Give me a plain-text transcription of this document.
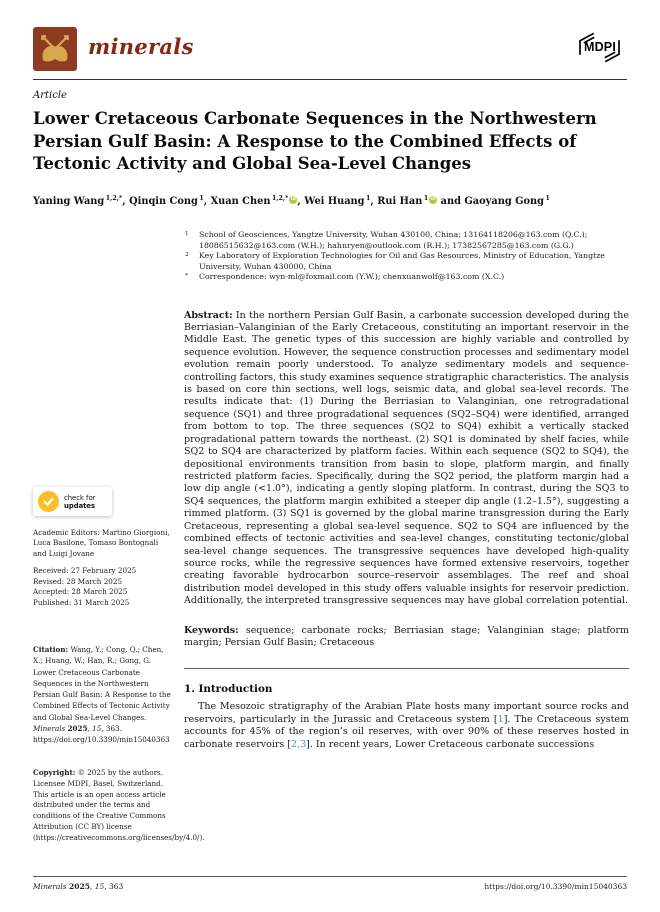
minerals	MDPI
Article
Lower Cretaceous Carbonate Sequences in the Northwestern Persian Gulf Basin: A Response to the Combined Effects of Tectonic Activity and Global Sea-Level Changes
Yaning Wang $^{1,2,*}$, Qinqin Cong $^1$, Xuan Chen $^{1,2,*}$ iD, Wei Huang $^1$, Rui Han $^1$ iD and Gaoyang Gong $^1$
1 School of Geosciences, Yangtze University, Wuhan 430100, China; 13164118206@163.com (Q.C.); 18086515632@163.com (W.H.); hahnryen@outlook.com (R.H.); 17382567285@163.com (G.G.)
2 Key Laboratory of Exploration Technologies for Oil and Gas Resources, Ministry of Education, Yangtze University, Wuhan 430000, China
* Correspondence: wyn-ml@foxmail.com (Y.W.); chenxuanwolf@163.com (X.C.)

Abstract: In the northern Persian Gulf Basin, a carbonate succession developed during the Berriasian–Valanginian of the Early Cretaceous, constituting an important reservoir in the Middle East. The genetic types of this succession are highly variable and controlled by sequence evolution. However, the sequence construction processes and sedimentary model evolution remain poorly understood. To analyze sedimentary models and sequence-controlling factors, this study examines sequence stratigraphic characteristics. The analysis is based on core thin sections, well logs, seismic data, and global sea-level records. The results indicate that: (1) During the Berriasian to Valanginian, one retrogradational sequence (SQ1) and three progradational sequences (SQ2–SQ4) were identified, arranged from bottom to top. The three sequences (SQ2 to SQ4) exhibit a vertically stacked progradational pattern towards the northeast. (2) SQ1 is dominated by shelf facies, while SQ2 to SQ4 are characterized by platform facies. Within each sequence (SQ2 to SQ4), the depositional environments transition from basin to slope, platform margin, and finally restricted platform facies. Specifically, during the SQ2 period, the platform margin had a low dip angle (<1.0°), indicating a gently sloping platform. In contrast, during the SQ3 to SQ4 sequences, the platform margin exhibited a steeper dip angle (1.2–1.5°), suggesting a rimmed platform. (3) SQ1 is governed by the global marine transgression during the Early Cretaceous, representing a global sea-level sequence. SQ2 to SQ4 are influenced by the combined effects of tectonic activities and sea-level changes, constituting tectonic/global sea-level change sequences. The transgressive sequences have developed high-quality source rocks, while the regressive sequences have formed extensive reservoirs, together creating favorable hydrocarbon source–reservoir assemblages. The reef and shoal distribution model developed in this study offers valuable insights for reservoir prediction. Additionally, the interpreted transgressive sequences may have global correlation potential.

Keywords: sequence; carbonate rocks; Berriasian stage; Valanginian stage; platform margin; Persian Gulf Basin; Cretaceous

1. Introduction

The Mesozoic stratigraphy of the Arabian Plate hosts many important source rocks and reservoirs, particularly in the Jurassic and Cretaceous system [1]. The Cretaceous system accounts for 45% of the region’s oil reserves, with over 90% of these reserves hosted in carbonate reservoirs [2,3]. In recent years, Lower Cretaceous carbonate successions

check for
updates
Academic Editors: Martino Giorgioni, Luca Basilone, Tomaso Bontognali and Luigi Jovane
Received: 27 February 2025
Revised: 28 March 2025
Accepted: 28 March 2025
Published: 31 March 2025
Citation: Wang, Y.; Cong, Q.; Chen, X.; Huang, W.; Han, R.; Gong, G. Lower Cretaceous Carbonate Sequences in the Northwestern Persian Gulf Basin: A Response to the Combined Effects of Tectonic Activity and Global Sea-Level Changes. Minerals 2025, 15, 363. https://doi.org/10.3390/min15040363
Copyright: © 2025 by the authors. Licensee MDPI, Basel, Switzerland. This article is an open access article distributed under the terms and conditions of the Creative Commons Attribution (CC BY) license (https://creativecommons.org/licenses/by/4.0/).
Minerals 2025, 15, 363	https://doi.org/10.3390/min15040363
